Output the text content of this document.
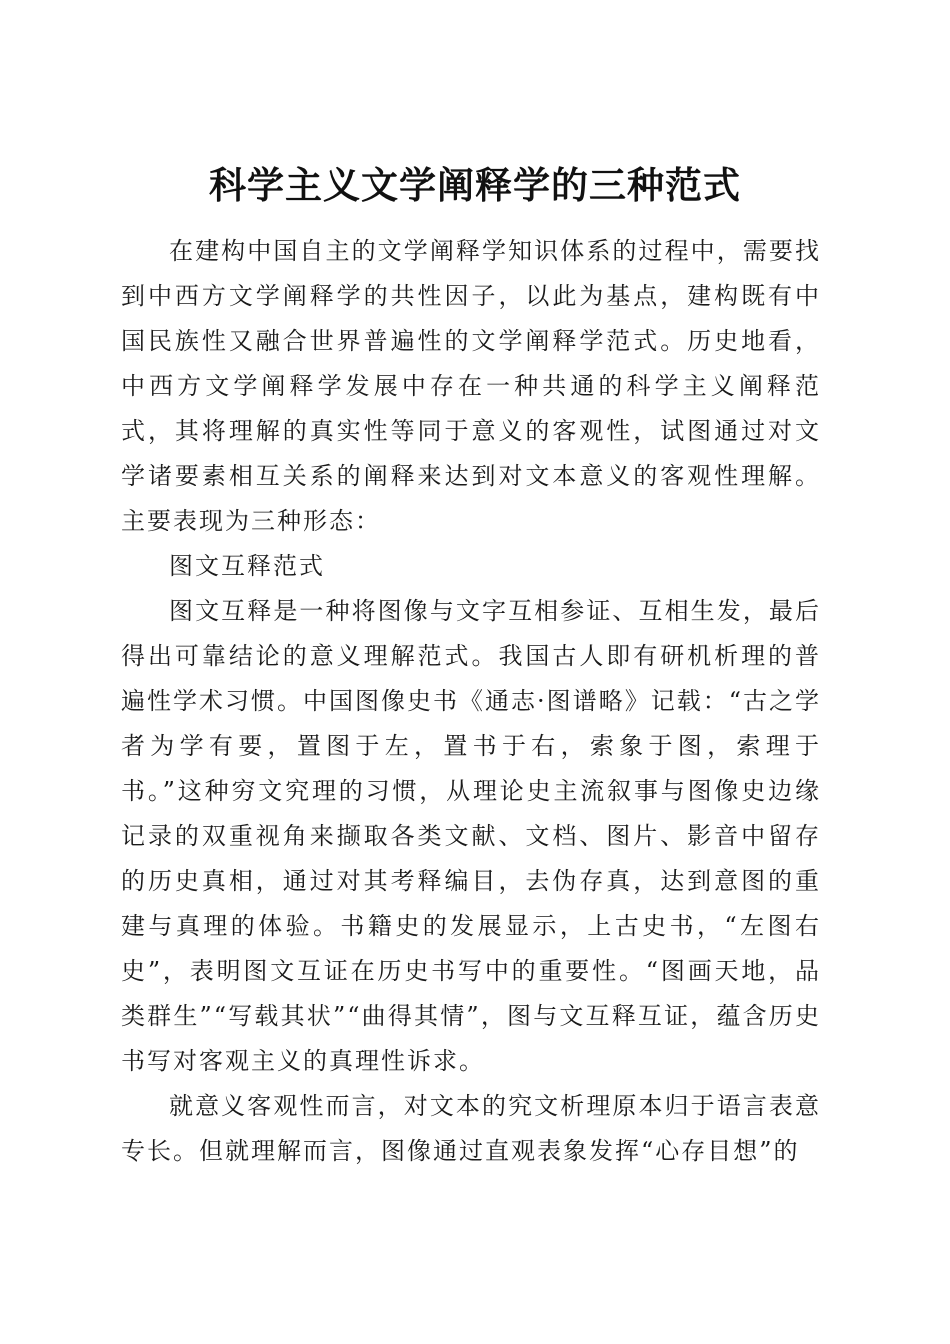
科学主义文学阐释学的三种范式

在建构中国自主的文学阐释学知识体系的过程中，需要找到中西方文学阐释学的共性因子，以此为基点，建构既有中国民族性又融合世界普遍性的文学阐释学范式。历史地看，中西方文学阐释学发展中存在一种共通的科学主义阐释范式，其将理解的真实性等同于意义的客观性，试图通过对文学诸要素相互关系的阐释来达到对文本意义的客观性理解。主要表现为三种形态：

图文互释范式

图文互释是一种将图像与文字互相参证、互相生发，最后得出可靠结论的意义理解范式。我国古人即有研机析理的普遍性学术习惯。中国图像史书《通志·图谱略》记载：“古之学者为学有要，置图于左，置书于右，索象于图，索理于书。”这种穷文究理的习惯，从理论史主流叙事与图像史边缘记录的双重视角来撷取各类文献、文档、图片、影音中留存的历史真相，通过对其考释编目，去伪存真，达到意图的重建与真理的体验。书籍史的发展显示，上古史书，“左图右史”，表明图文互证在历史书写中的重要性。“图画天地，品类群生”“写载其状”“曲得其情”，图与文互释互证，蕴含历史书写对客观主义的真理性诉求。

就意义客观性而言，对文本的究文析理原本归于语言表意专长。但就理解而言，图像通过直观表象发挥“心存目想”的
